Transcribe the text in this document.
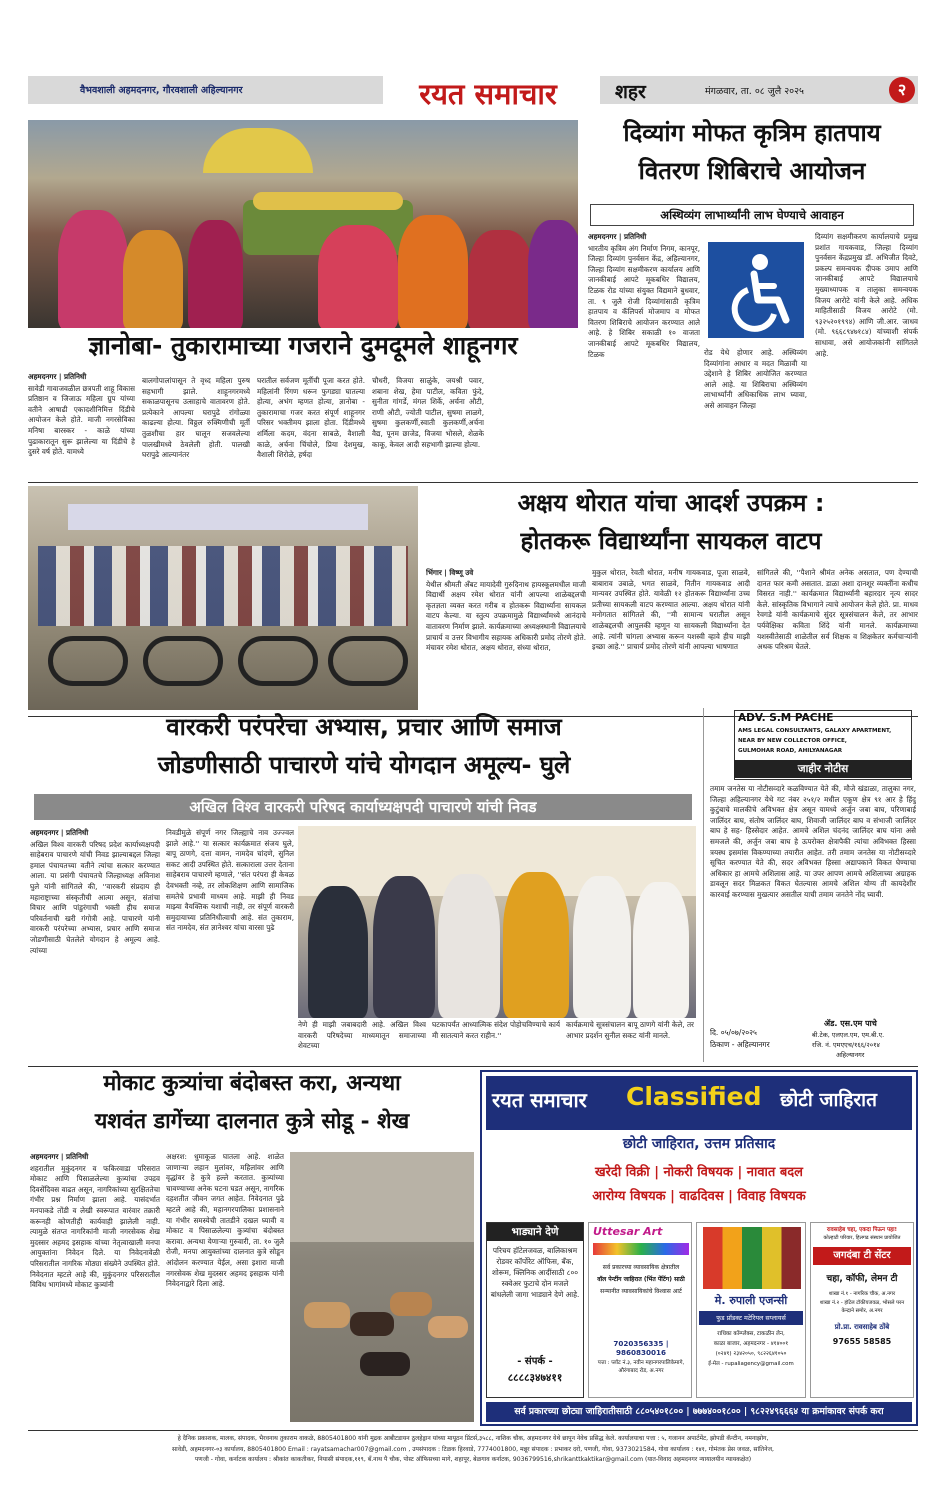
वैभवशाली अहमदनगर, गौरवशाली अहिल्यानगर	रयत समाचार	शहर	मंगळवार, ता. ०८ जुलै २०२५	२
दिव्यांग मोफत कृत्रिम हातपाय
वितरण शिबिराचे आयोजन
अस्थिव्यंग लाभार्थ्यांनी लाभ घेण्याचे आवाहन

अहमदनगर | प्रतिनिधी

भारतीय कृत्रिम अंग निर्माण निगम, कानपूर, जिल्हा दिव्यांग पुनर्वसन केंद्र, अहिल्यानगर, जिल्हा दिव्यांग सक्षमीकरण कार्यालय आणि जानकीबाई आपटे मूकबधिर विद्यालय, टिळक रोड यांच्या संयुक्त विद्यमाने बुधवार, ता. ९ जुलै रोजी दिव्यांगांसाठी कृत्रिम हातपाय व कॅलिपर्स मोजमाप व मोफत वितरण शिबिराचे आयोजन करण्यात आले आहे. हे शिबिर सकाळी १० वाजता जानकीबाई आपटे मूकबधिर विद्यालय, टिळक	रोड येथे होणार आहे. अस्थिव्यंग दिव्यांगांना आधार व मदत मिळावी या उद्देशाने हे शिबिर आयोजित करण्यात आले आहे. या शिबिराचा अस्थिव्यंग लाभार्थ्यांनी अधिकाधिक लाभ घ्यावा, असे आवाहन जिल्हा

दिव्यांग सक्षमीकरण कार्यालयाचे प्रमुख प्रशांत गायकवाड, जिल्हा दिव्यांग पुनर्वसन केंद्रप्रमुख डॉ. अभिजीत दिवटे, प्रकल्प समन्वयक दीपक उमाप आणि जानकीबाई आपटे विद्यालयाचे मुख्याध्यापक व तालुका समन्वयक विजय आरोटे यांनी केले आहे. अधिक माहितीसाठी विजय आरोटे (मो. ९३२५२०१९९४) आणि जी.आर. जाधव (मो. ९६६८९४७१८४) यांच्याशी संपर्क साधावा, असे आयोजकांनी सांगितले आहे.

ज्ञानोबा- तुकारामाच्या गजराने दुमदूमले शाहूनगर

अहमदनगर | प्रतिनिधी

सावेडी गावाजवळील छत्रपती शाहू विकास प्रतिष्ठान व जिजाऊ महिला ग्रुप यांच्या वतीने आषाढी एकादशीनिमित्त दिंडीचे आयोजन केले होते. माजी नगरसेविका मनिषा बारस्कर - काळे यांच्या पुढाकारातून सुरू झालेल्या या दिंडीचे हे दुसरे वर्ष होते. यामध्ये

बालगोपालांपासून ते वृध्द महिला पुरुष सहभागी झाले. शाहूनगरमध्ये सकाळपासूनच उत्साहाचे वातावरण होते. प्रत्येकाने आपल्या घरापुढे रांगोळ्या काढल्या होत्या. विठ्ठल रुक्मिणीची मूर्ती तुळशीचा हार घालून सजवलेल्या पालखीमध्ये ठेवलेली होती. पालखी घरापुढे आल्यानंतर

घरातील सर्वजण मूर्तीची पूजा करत होते. महिलांनी रिंगण धरून फुगड्या घातल्या होत्या, अभंग म्हणत होत्या, ज्ञानोबा - तुकारामाचा गजर करत संपूर्ण शाहूनगर परिसर भक्तीमय झाला होता. दिंडीमध्ये शर्मिला कदम, वंदना साबळे, वैशाली काळे, अर्चना चिंचोले, प्रिया देशमुख, वैशाली शिरोळे, हर्षदा

चौधरी, विजया साळुंके, जयश्री पवार, शबाना शेख, हेमा पाटील, कविता फुंदे, सुनीता गांगर्डे, मंगल शिर्के, अर्चना औटी, राणी औटी, ज्योती पाटील, सुषमा लाळगे, सुषमा कुलकर्णी,स्वाती कुलकर्णी,अर्चना वैद्य, पूनम छाजेड, विजया भोसले, शेळके काकू, केवल आदी सहभागी झाल्या होत्या.

अक्षय थोरात यांचा आदर्श उपक्रम :
होतकरू विद्यार्थ्यांना सायकल वाटप

भिंगार | विष्णू उवे

येथील श्रीमती अँबट मायादेवी गुरुदिनाथ हायस्कूलमधील माजी विद्यार्थी अक्षय रमेश थोरात यांनी आपल्या शाळेबद्दलची कृतज्ञता व्यक्त करत गरीब व होतकरू विद्यार्थ्यांना सायकल वाटप केल्या. या स्तुत्य उपक्रमामुळे विद्यार्थ्यांमध्ये आनंदाचे वातावरण निर्माण झाले. कार्यक्रमाच्या अध्यक्षस्थानी विद्यालयाचे प्राचार्य व उत्तर विभागीय सहायक अधिकारी प्रमोद तोरणे होते. मंचावर रमेश थोरात, अक्षय थोरात, संध्या थोरात,

मुकुल थोरात, रेवती थोरात, मनीष गायकवाड, पूजा साळवे, बाबाराव उबाळे, भगत साळवे, नितीन गायकवाड आदी मान्यवर उपस्थित होते. यावेळी १२ होतकरू विद्यार्थ्यांना उच्च प्रतीच्या सायकली वाटप करण्यात आल्या. अक्षय थोरात यांनी मनोगतात सांगितले की, ''मी सामान्य घरातील असून शाळेबद्दलची आपुलकी म्हणून या सायकली विद्यार्थ्यांना देत आहे. त्यांनी चांगला अभ्यास करून यशस्वी व्हावे हीच माझी इच्छा आहे.'' प्राचार्य प्रमोद तोरणे यांनी आपल्या भाषणात

सांगितले की, ''पैशाने श्रीमंत अनेक असतात, पण देण्याची दानत फार कमी असतात. डाळा अशा दानशूर व्यक्तींना कधीच विसरत नाही.'' कार्यक्रमात विद्यार्थ्यांनी बहारदार नृत्य सादर केले. सांस्कृतिक विभागाने त्याचे आयोजन केले होते. प्रा. माधव रेवगडे यांनी कार्यक्रमाचे सुंदर सूत्रसंचालन केले, तर आभार पर्यवेक्षिका कविता शिंदे यांनी मानले. कार्यक्रमाच्या यशस्वीतेसाठी शाळेतील सर्व शिक्षक व शिक्षकेतर कर्मचाऱ्यांनी अथक परिश्रम घेतले.

वारकरी परंपरेचा अभ्यास, प्रचार आणि समाज
जोडणीसाठी पाचारणे यांचे योगदान अमूल्य- घुले
अखिल विश्व वारकरी परिषद कार्याध्यक्षपदी पाचारणे यांची निवड

अहमदनगर | प्रतिनिधी

अखिल विश्व वारकरी परिषद प्रदेश कार्याध्यक्षपदी साहेबराव पाचारणे यांची निवड झाल्याबद्दल जिल्हा हमाल पंचायतच्या वतीने त्यांचा सत्कार करण्यात आला. या प्रसंगी पंचायतचे जिल्हाध्यक्ष अविनाश घुले यांनी सांगितले की, ''वारकरी संप्रदाय ही महाराष्ट्राच्या संस्कृतीची आत्मा असून, संतांचा विचार आणि पांडुरंगाची भक्ती हीच समाज परिवर्तनाची खरी गंगोत्री आहे. पाचारणे यांनी वारकरी परंपरेच्या अभ्यास, प्रचार आणि समाज जोडणीसाठी घेतलेले योगदान हे अमूल्य आहे. त्यांच्या

निवडीमुळे संपूर्ण नगर जिल्ह्याचे नाव उज्ज्वल झाले आहे.'' या सत्कार कार्यक्रमात संजय घुले, बापू ठाणगे, दत्ता वामन, नामदेव चांदणे, सुनिल सकट आदी उपस्थित होते. सत्काराला उत्तर देताना साहेबराव पाचारणे म्हणाले, ''संत परंपरा ही केवळ देवभक्ती नव्हे, तर लोकशिक्षण आणि सामाजिक समतेचे प्रभावी माध्यम आहे. माझी ही निवड माझ्या वैयक्तिक यशाची नाही, तर संपूर्ण वारकरी समुदायाच्या प्रतिनिधीत्वाची आहे. संत तुकाराम, संत नामदेव, संत ज्ञानेश्वर यांचा वारसा पुढे

नेणे ही माझी जबाबदारी आहे. अखिल विश्व वारकरी परिषदेच्या माध्यमातून समाजाच्या शेवटच्या

घटकापर्यंत आध्यात्मिक संदेश पोहोचविण्याचे कार्य मी सातत्याने करत राहीन.''

कार्यक्रमाचे सूत्रसंचालन बापू ठाणगे यांनी केले, तर आभार प्रदर्शन सुनील सकट यांनी मानले.

ADV. S.M PACHE
AMS LEGAL CONSULTANTS, GALAXY APARTMENT,
NEAR BY NEW COLLECTOR OFFICE,
GULMOHAR ROAD, AHILYANAGAR
जाहीर नोटीस

तमाम जनतेस या नोटीसव्दारे कळविण्यात येते की, मौजे खंडाळा, तालुका नगर, जिल्हा अहिल्यानगर येथे गट नंबर २५१/२ मधील एकूण क्षेत्र ९१ आर हे हिंदु कुटुंबाचे मालकीचे अविभक्त क्षेत्र असून यामध्ये अर्जुन जबा बाघ, परिणाबाई जालिंदर बाघ, संतोष जालिंदर बाघ, शिवाजी जालिंदर बाघ व संभाजी जालिंदर बाघ हे सह- हिस्सेदार आहेत. आमचे अशिल चंदनंद जालिंदर बाघ यांना असे समजले की, अर्जुन जबा बाघ हे ऊपरोक्त क्षेत्रापैकी त्यांचा अविभक्त हिस्सा त्रयस्थ इसमांस विकण्याच्या तयारीत आहेत. तरी तमाम जनतेस या नोटीसव्दारे सूचित करण्यात येते की, सदर अविभक्त हिस्सा अद्यापकाने विकत घेण्याचा अधिकार हा आमचे अशिलास आहे. या उपर आपण आमचे अशिलाच्या अग्राहक डावलून सदर मिळकत विकत घेतल्यास आमचे अशिल योग्य ती कायदेशीर कारवाई करण्यास मुखत्यार असतील याची तमाम जनतेने नोंद घ्यावी.

दि. ०५/०७/२०२५
ठिकाण - अहिल्यानगर
ॲड. एस.एम पाचे
बी.टेक, एलएल.एम, एम.बी.ए.
रजि. नं. एमएएच/१६६/२०१४
अहिल्यानगर
मोकाट कुत्र्यांचा बंदोबस्त करा, अन्यथा
यशवंत डागेंच्या दालनात कुत्रे सोडू - शेख

अहमदनगर | प्रतिनिधी

शहरातील मुकुंदनगर व फकिरवाडा परिसरात मोकाट आणि पिसाळलेल्या कुत्र्यांचा उपद्रव दिवसेंदिवस वाढत असून, नागरिकांच्या सुरक्षिततेचा गंभीर प्रश्न निर्माण झाला आहे. यासंदर्भात मनपाकडे तोंडी व लेखी स्वरूपात वारंवार तक्रारी करूनही कोणतीही कार्यवाही झालेली नाही. त्यामुळे संतप्त नागरिकांनी माजी नगरसेवक शेख मुदस्सर अहमद इसहाक यांच्या नेतृत्वाखाली मनपा आयुक्तांना निवेदन दिले. या निवेदनावेळी परिसरातील नागरिक मोठ्या संख्येने उपस्थित होते. निवेदनात म्हटले आहे की, मुकुंदनगर परिसरातील विविध भागांमध्ये मोकाट कुत्र्यांनी

अक्षरश: धुमाकूळ घातला आहे. शाळेत जाणाऱ्या लहान मुलांवर, महिलांवर आणि वृद्धांवर हे कुत्रे हल्ले करतात. कुत्र्यांच्या चावण्याच्या अनेक घटना घडत असून, नागरिक दहशतीत जीवन जगत आहेत. निवेदनात पुढे म्हटले आहे की, महानगरपालिका प्रशासनाने या गंभीर समस्येची तातडीने दखल घ्यावी व मोकाट व पिसाळलेल्या कुत्र्यांचा बंदोबस्त करावा. अन्यथा येणाऱ्या गुरुवारी, ता. १० जुलै रोजी, मनपा आयुक्तांच्या दालनात कुत्रे सोडून आंदोलन करण्यात येईल, असा इशारा माजी नगरसेवक शेख मुदस्सर अहमद इसहाक यांनी निवेदनाद्वारे दिला आहे.

रयत समाचार Classified छोटी जाहिरात
छोटी जाहिरात, उत्तम प्रतिसाद
खरेदी विक्री | नोकरी विषयक | नावात बदल
आरोग्य विषयक | वाढदिवस | विवाह विषयक
भाड्याने देणे

परिचय हॉटेलजवळ, बालिकाश्रम रोडवर कॉर्पोरेट ऑफिस, बँक, शोरूम, क्लिनिक आदींसाठी ८०० स्क्वेअर फुटाचे दोन मजले बांधलेली जागा भाड्याने देणे आहे.

- संपर्क -
८८८८३४७४११
Uttesar Art
सर्व प्रकारच्या व्यावसायिक क्षेत्रातील
वॉल पेन्टींग जाहिरात (भिंत पेंटिंग) साठी
सन्मानीत व्यावसायिकांचे विश्वास आर्ट
7020356335 | 9860830016
पत्ता : प्लॉट नं.३, नवीन महानगरपालिकेमागे, औरंगाबाद रोड, अ.नगर
मे. रुपाली एजन्सी
फुड प्रॉडक्ट मटेरियल सप्लायर्स
राधिका कॉम्प्लेक्स, टाकळीन लेन,
काळा बाजार, अहमदनगर - ४१४००१
(०२४१) २३४२०५०, ९८२२६४१०५०
ई-मेल - rupaliagency@gmail.com
रावसाहेब चहा, एकदा पिऊन पहा!
कोल्हाटी परिवार, हिलगढ संस्थान प्रायोजित
जगदंबा टी सेंटर
चहा, कॉफी, लेमन टी
शाखा नं.१ - नागरिक चौक, अ.नगर
शाखा नं.२ - हॉटेल टॉकीयजवळ, भोसले परन केन्द्राने समोर, अ.नगर
प्रो.प्रा. रावसाहेब ठोंबे
97655 58585
सर्व प्रकारच्या छोट्या जाहिरातीसाठी ८८०५४०१८०० | ७७७४००१८०० | ९८२२४९६६६४ या क्रमांकावर संपर्क करा
हे दैनिक प्रकाशक, मालक, संपादक, भैरवनाथ तुकाराम वाकळे, 8805401800 यांनी मुद्रक आबीटडायन ठुलहेड्रान यांच्या मायूठन प्रिंटर्स,३५८८, नाशिक चौक, अहमदनगर येथे छापून नेवेच प्रसिद्ध केले. कार्यालयाचा पत्ता : ५, गजानन अपार्टमेंट, झोपडी कॅन्टीन, नमनाझोग,
सावेडी, अहमदनगर-०३ कार्यालय, 8805401800 Email : rayatsamachar007@gmail.com , उपसंपादक : टिळक हिरवाडे, 7774001800, मन्नूर संपादक : प्रभाकर दरो, पणजी, गोवा, 9373021584, गोवा कार्यालय : १४१, गोमंतक प्रेस जवळ, सांतिनेज,
पणजी - गोवा, कर्नाटक कार्यालय : श्रीकांत काकतीकर, नियासी संपादक,११९, बँ.नाथ पै चौक, पोस्ट ऑफिसच्या मागे, शहापूर, बेळगाव कर्नाटक, 9036799516,shrikanttkaktikar@gmail.com (यात-विवाद अहमदनगर न्यायालयीन न्यायकक्षेत)
